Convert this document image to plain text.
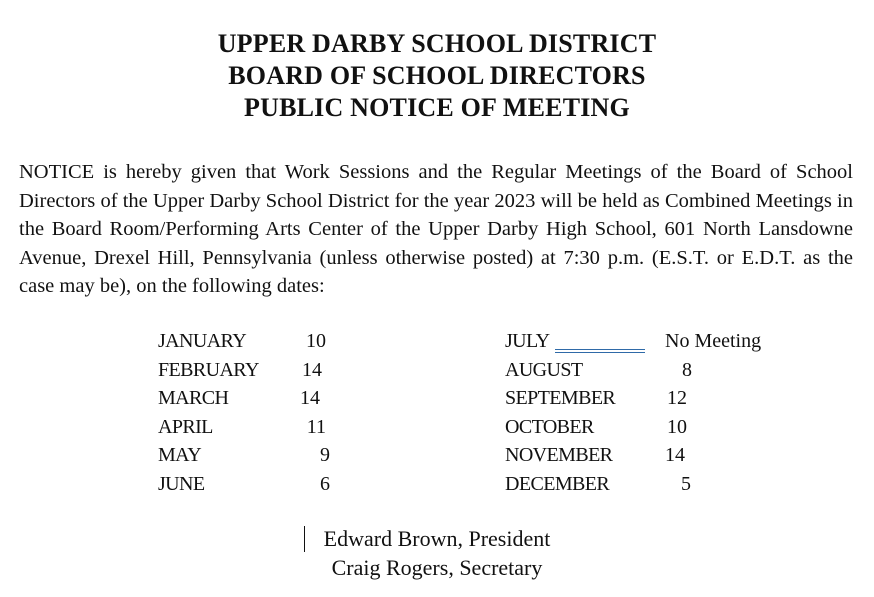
UPPER DARBY SCHOOL DISTRICT
BOARD OF SCHOOL DIRECTORS
PUBLIC NOTICE OF MEETING
NOTICE is hereby given that Work Sessions and the Regular Meetings of the Board of School Directors of the Upper Darby School District for the year 2023 will be held as Combined Meetings in the Board Room/Performing Arts Center of the Upper Darby High School, 601 North Lansdowne Avenue, Drexel Hill, Pennsylvania (unless otherwise posted) at 7:30 p.m. (E.S.T. or E.D.T. as the case may be), on the following dates:
JANUARY	10
FEBRUARY 14
MARCH	14
APRIL	11
MAY	9
JUNE	6
JULY	No Meeting
AUGUST	8
SEPTEMBER	12
OCTOBER	10
NOVEMBER	14
DECEMBER	5
Edward Brown, President
Craig Rogers, Secretary
